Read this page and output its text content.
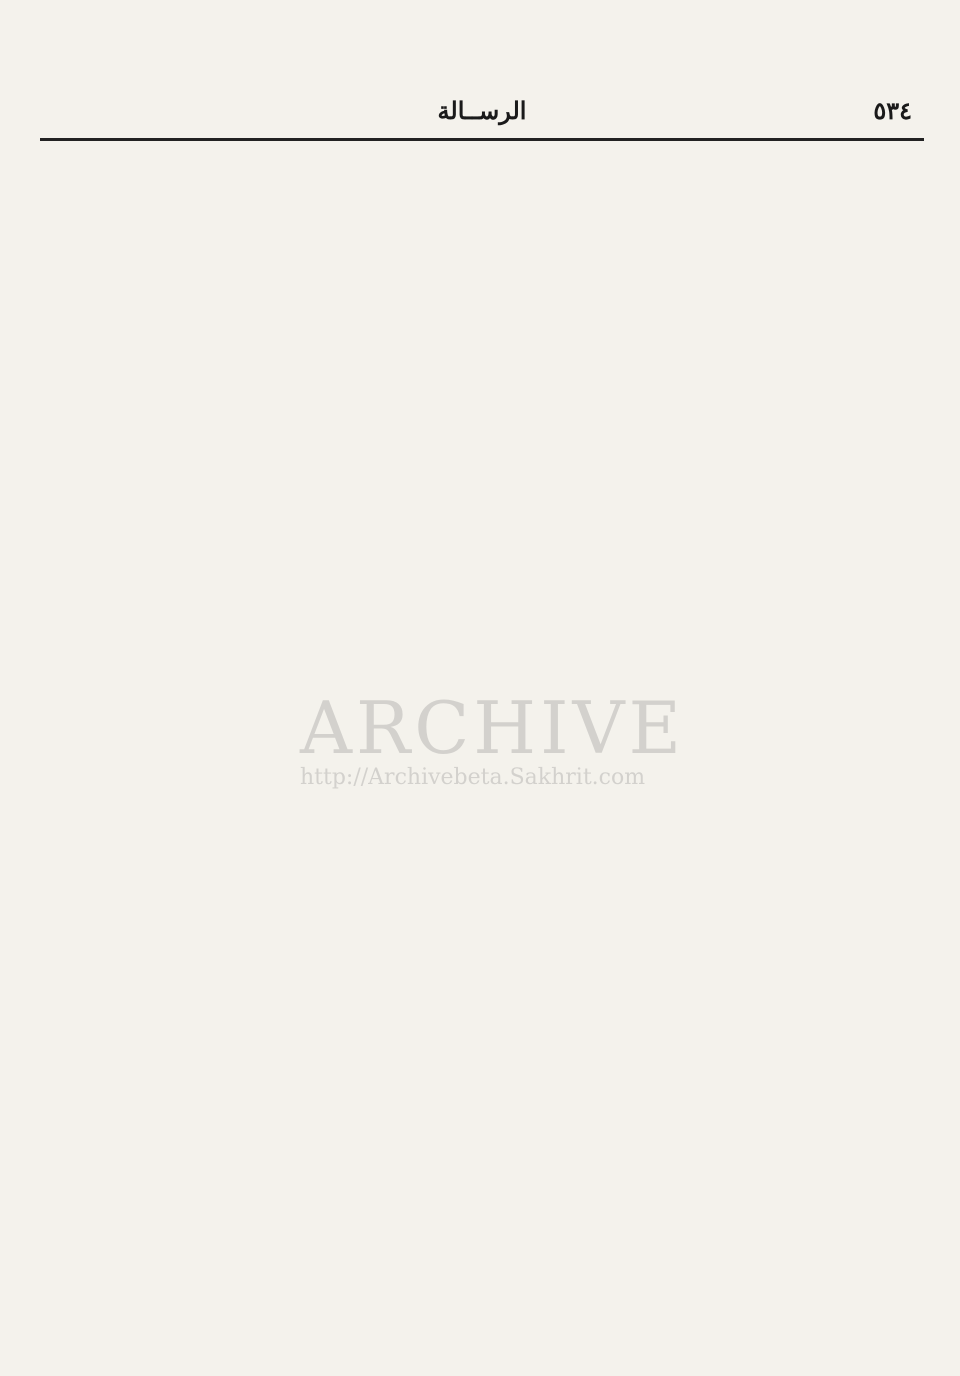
٥٣٤
الرســالة
ARCHIVE
http://Archivebeta.Sakhrit.com
